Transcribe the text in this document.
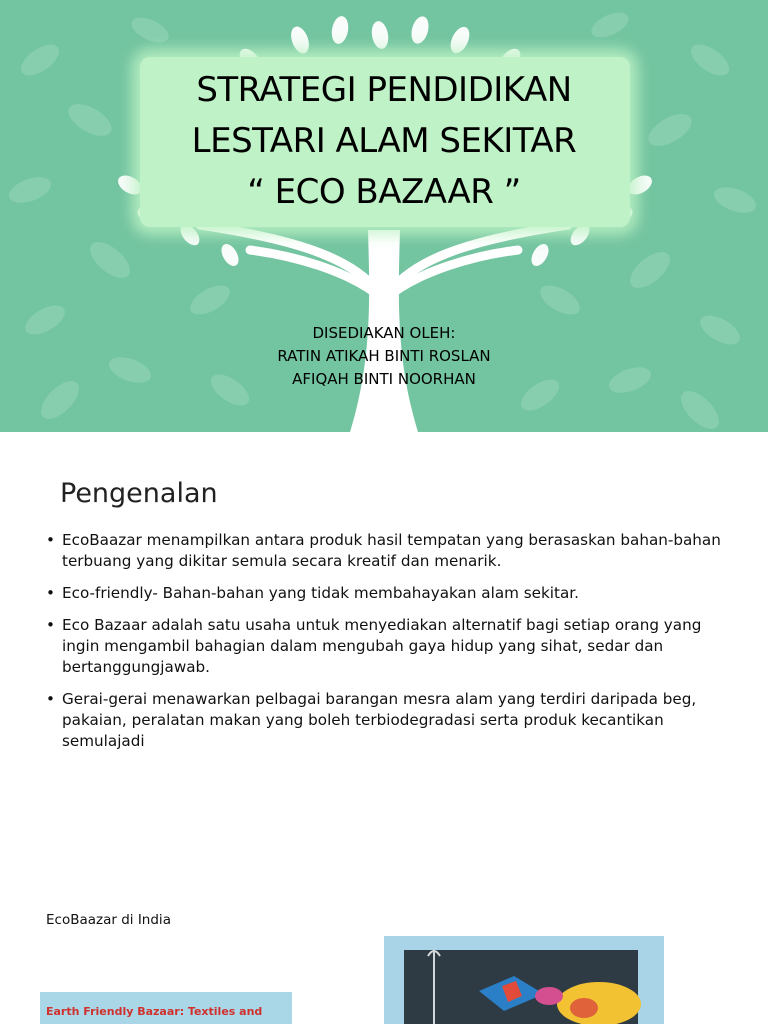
STRATEGI PENDIDIKAN
LESTARI ALAM SEKITAR
“ ECO BAZAAR ”
DISEDIAKAN OLEH:
RATIN ATIKAH BINTI ROSLAN
AFIQAH BINTI NOORHAN
Pengenalan
• EcoBaazar menampilkan antara produk hasil tempatan yang berasaskan bahan-bahan terbuang yang dikitar semula secara kreatif dan menarik.
• Eco-friendly- Bahan-bahan yang tidak membahayakan alam sekitar.
• Eco Bazaar adalah satu usaha untuk menyediakan alternatif bagi setiap orang yang ingin mengambil bahagian dalam mengubah gaya hidup yang sihat, sedar dan bertanggungjawab.
• Gerai-gerai menawarkan pelbagai barangan mesra alam yang terdiri daripada beg, pakaian, peralatan makan yang boleh terbiodegradasi serta produk kecantikan semulajadi
EcoBaazar di India
Earth Friendly Bazaar: Textiles and
